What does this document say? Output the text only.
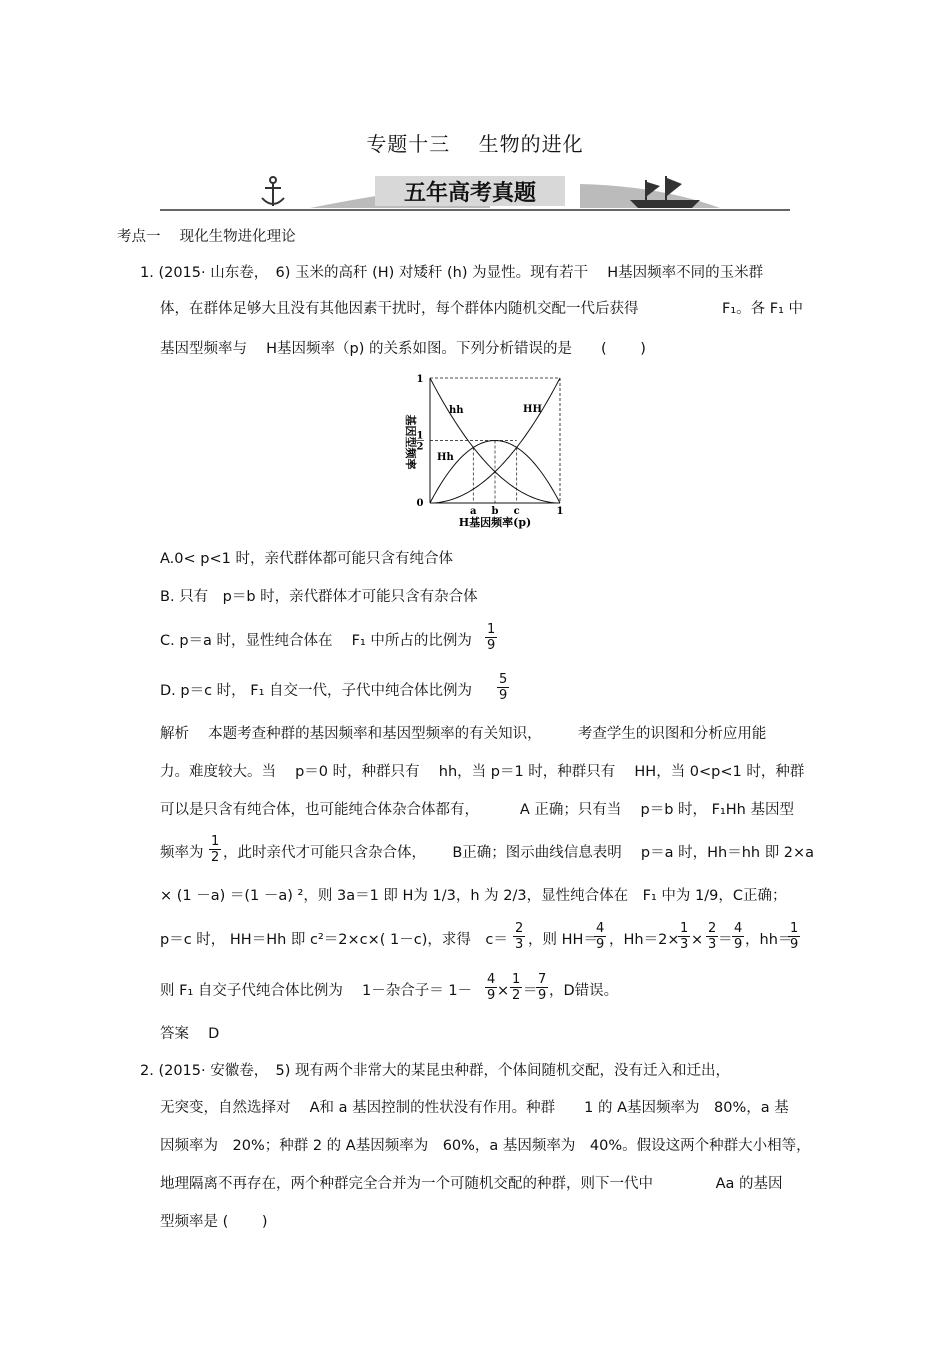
专题十三　 生物的进化
五年高考真题
考点一　 现化生物进化理论
1. (2015· 山东卷，　6) 玉米的高秆 (H) 对矮秆 (h) 为显性。现有若干　 H基因频率不同的玉米群
体，在群体足够大且没有其他因素干扰时，每个群体内随机交配一代后获得	F₁。各 F₁ 中
基因型频率与　 H基因频率（p) 的关系如图。下列分析错误的是　　(　　 )
a b c	1
0
1
1
2
hh
Hh
HH
H基因频率(p)
基因型频率
A.0< p<1 时，亲代群体都可能只含有纯合体
B. 只有　p＝b 时，亲代群体才可能只含有杂合体
C. p＝a 时，显性纯合体在　 F₁ 中所占的比例为 $\frac{1}{9}$
D. p＝c 时， F₁ 自交一代，子代中纯合体比例为 $\frac{5}{9}$
解析　 本题考查种群的基因频率和基因型频率的有关知识，　　　考查学生的识图和分析应用能
力。难度较大。当　 p＝0 时，种群只有　 hh，当 p＝1 时，种群只有　 HH，当 0<p<1 时，种群
可以是只含有纯合体，也可能纯合体杂合体都有，　　　 A 正确；只有当　 p＝b 时， F₁Hh 基因型
频率为 $\frac{1}{2}$ ，此时亲代才可能只含杂合体，　　 B正确；图示曲线信息表明　 p＝a 时，Hh＝hh 即 2×a
× (1 －a) ＝(1 －a) ²，则 3a＝1 即 H为 1/3，h 为 2/3，显性纯合体在　F₁ 中为 1/9，C正确；
p＝c 时， HH＝Hh 即 c²＝2×c×( 1－c)，求得　$c= \frac{2}{3}$ ，则 HH＝
$\frac{4}{9}$ ，Hh＝2×
$\frac{1}{3} \times \frac{2}{3} = \frac{4}{9}$ ，hh＝
$\frac{1}{9}$
则 F₁ 自交子代纯合体比例为　 1－杂合子＝ $1- \frac{4}{9} \times \frac{1}{2}$ ＝
$\frac{7}{9}$ ，D错误。
答案　 D
2. (2015· 安徽卷，　5) 现有两个非常大的某昆虫种群，个体间随机交配，没有迁入和迁出，
无突变，自然选择对　 A和 a 基因控制的性状没有作用。种群　　1 的 A基因频率为　80%，a 基
因频率为　20%；种群 2 的 A基因频率为　60%，a 基因频率为　40%。假设这两个种群大小相等，
地理隔离不再存在，两个种群完全合并为一个可随机交配的种群，则下一代中　　　　 Aa 的基因
型频率是 (　　 )
